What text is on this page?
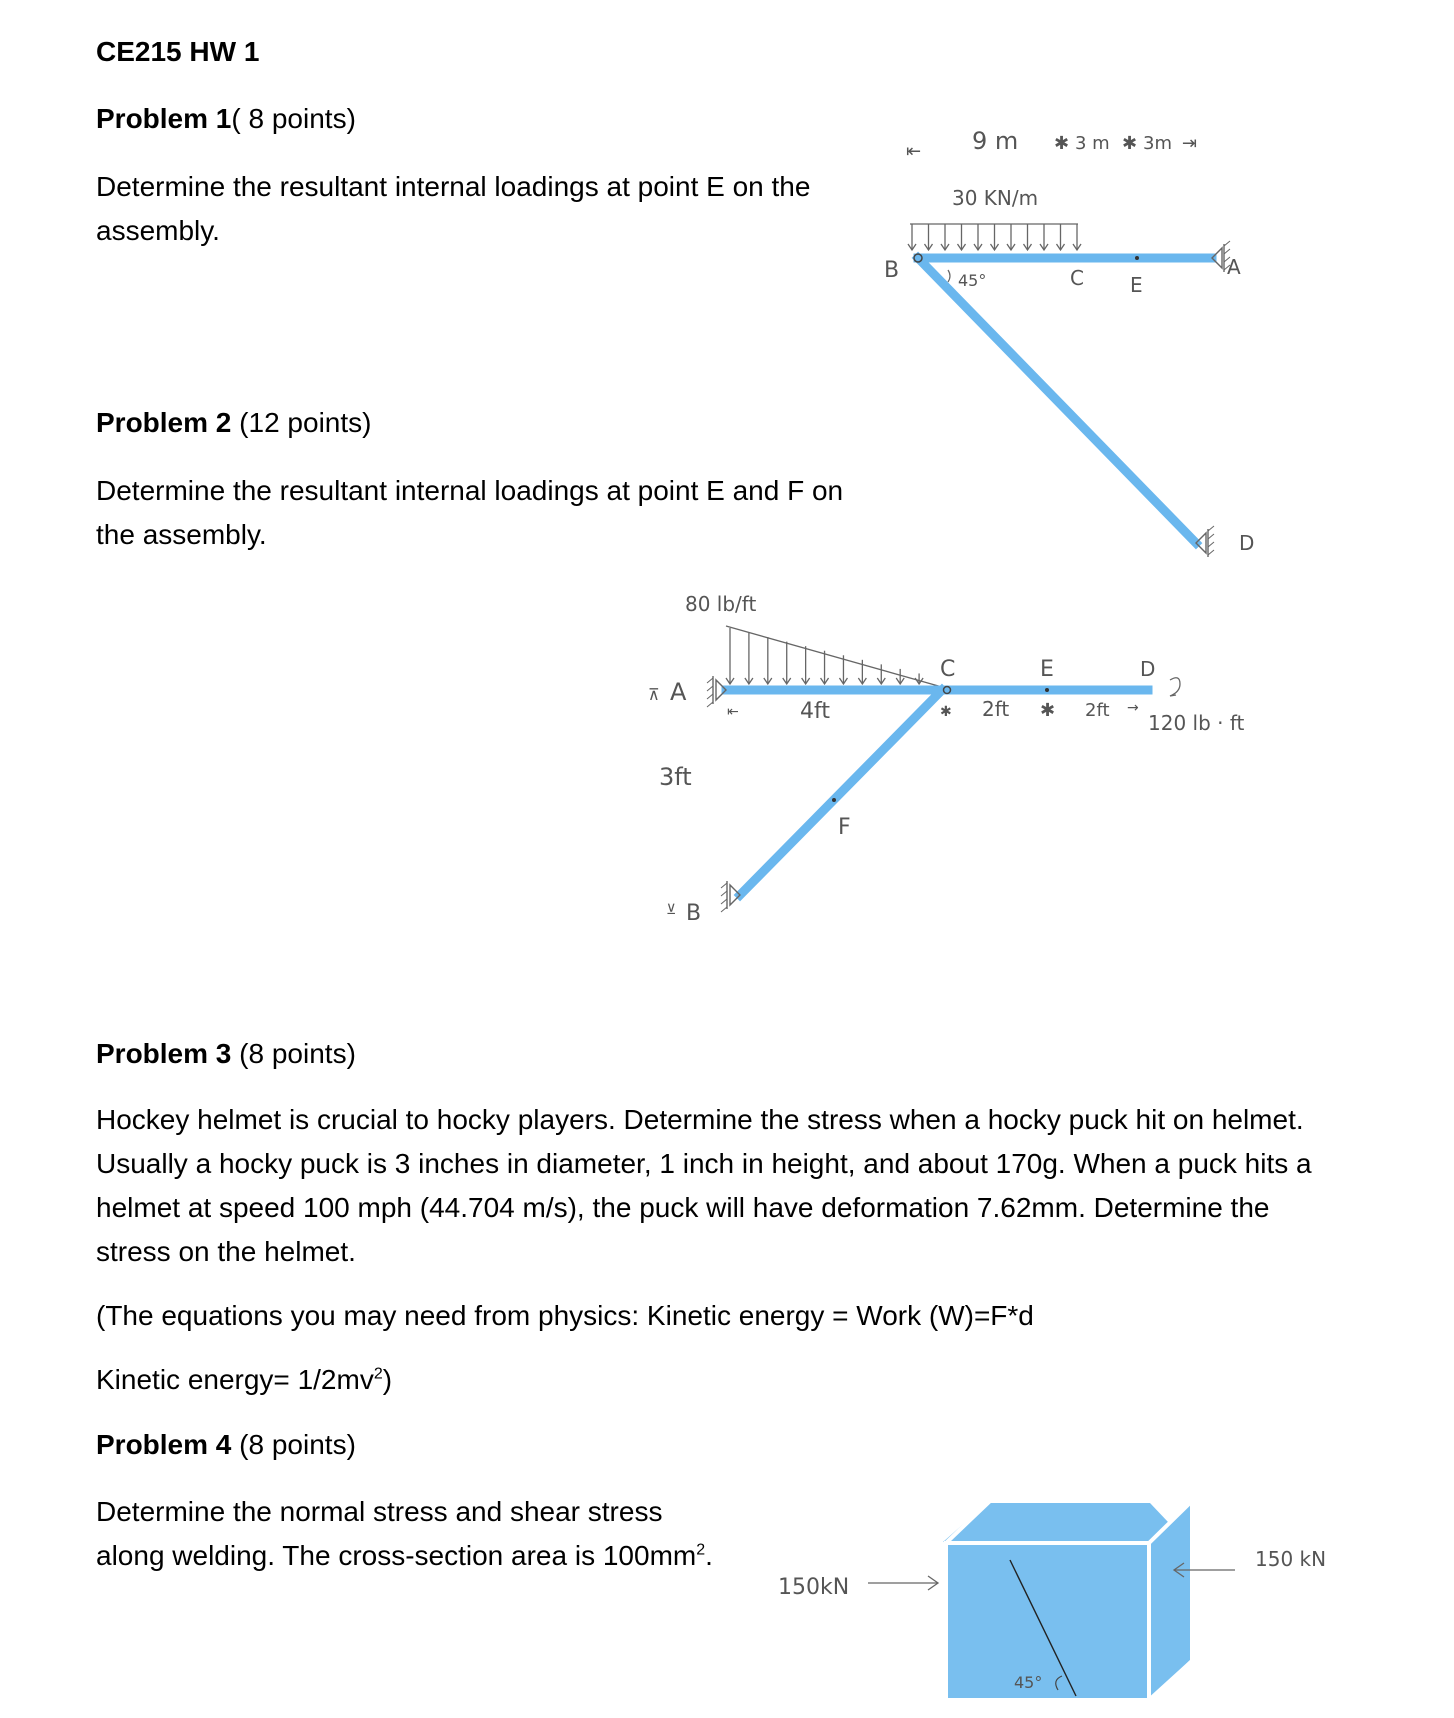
CE215 HW 1
Problem 1( 8 points)
Determine the resultant internal loadings at point E on the assembly.
Problem 2 (12 points)
Determine the resultant internal loadings at point E and F on the assembly.
Problem 3 (8 points)
Hockey helmet is crucial to hocky players. Determine the stress when a hocky puck hit on helmet. Usually a hocky puck is 3 inches in diameter, 1 inch in height, and about 170g. When a puck hits a helmet at speed 100 mph (44.704 m/s), the puck will have deformation 7.62mm. Determine the stress on the helmet.
(The equations you may need from physics: Kinetic energy = Work (W)=F*d
Kinetic energy= $1/2mv^2$)
Problem 4 (8 points)
Determine the normal stress and shear stress along welding. The cross-section area is $100mm^2$.
⇤ 9 m ✱ 3 m ✱ 3m ⇥
30 KN/m
B	45°	C E
A
D
80 lb/ft
⊼ A
⇤	4ft
3ft
⊻ B
F
C	E	D
✱ 2ft ✱ 2ft →
120 lb · ft
45°
150kN
150 kN
